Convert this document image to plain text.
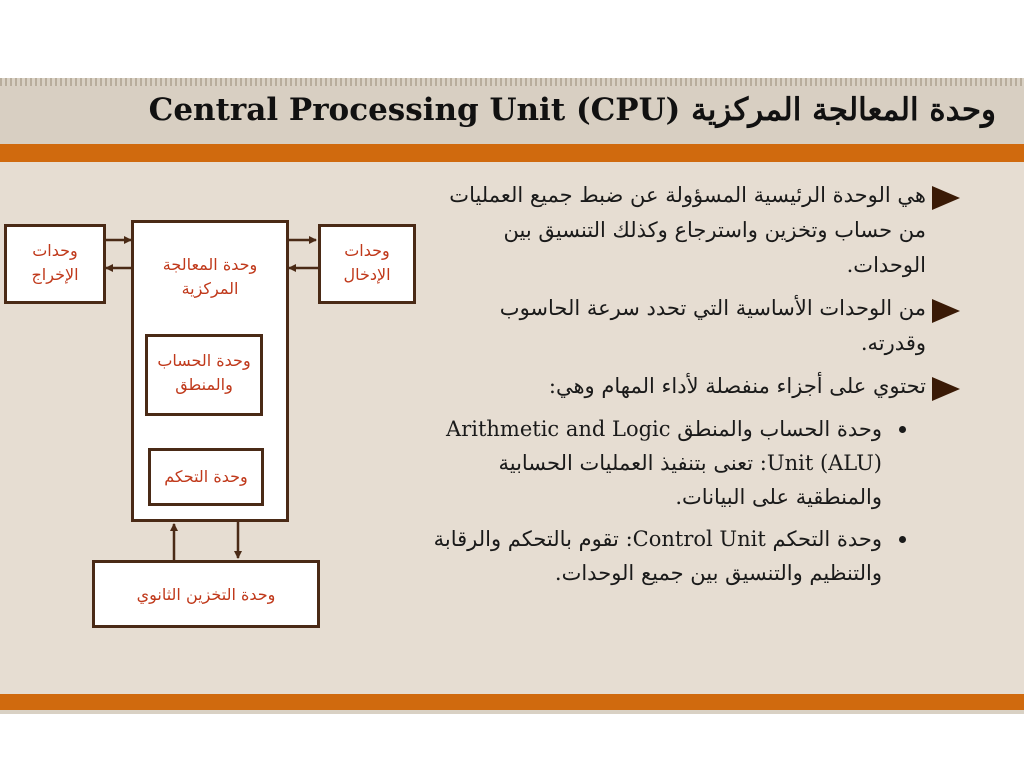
Central Processing Unit (CPU) وحدة المعالجة المركزية
هي الوحدة الرئيسية المسؤولة عن ضبط جميع العمليات من حساب وتخزين واسترجاع وكذلك التنسيق بين الوحدات.
من الوحدات الأساسية التي تحدد سرعة الحاسوب وقدرته.
تحتوي على أجزاء منفصلة لأداء المهام وهي:
وحدة الحساب والمنطق Arithmetic and Logic Unit (ALU): تعنى بتنفيذ العمليات الحسابية والمنطقية على البيانات.
وحدة التحكم Control Unit: تقوم بالتحكم والرقابة والتنظيم والتنسيق بين جميع الوحدات.
وحدات الإخراج
وحدات الإدخال
وحدة المعالجة المركزية
وحدة الحساب والمنطق
وحدة التحكم
وحدة التخزين الثانوي
